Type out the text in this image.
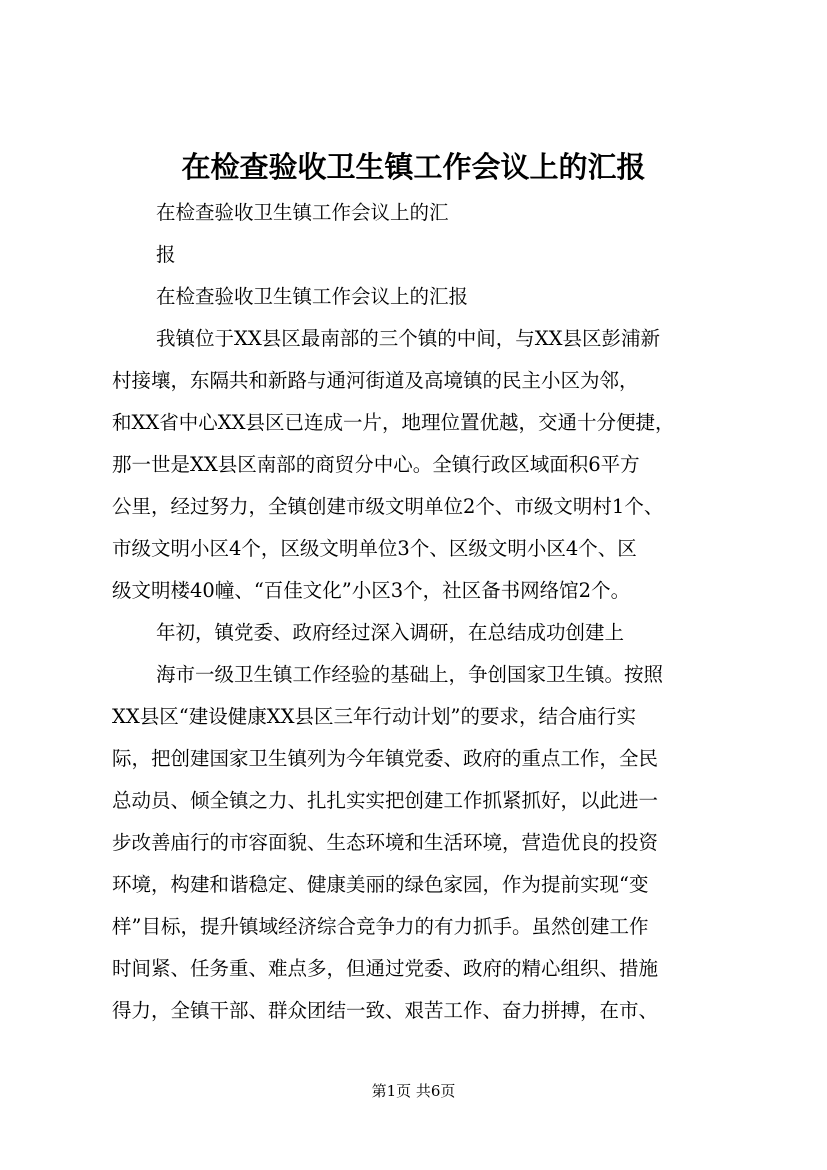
在检查验收卫生镇工作会议上的汇报
在检查验收卫生镇工作会议上的汇
报
在检查验收卫生镇工作会议上的汇报
我镇位于XX县区最南部的三个镇的中间，与XX县区彭浦新
村接壤，东隔共和新路与通河街道及高境镇的民主小区为邻，
和XX省中心XX县区已连成一片，地理位置优越，交通十分便捷，
那一世是XX县区南部的商贸分中心。全镇行政区域面积6平方
公里，经过努力，全镇创建市级文明单位2个、市级文明村1个、
市级文明小区4个，区级文明单位3个、区级文明小区4个、区
级文明楼40幢、“百佳文化”小区3个，社区备书网络馆2个。
年初，镇党委、政府经过深入调研，在总结成功创建上
海市一级卫生镇工作经验的基础上，争创国家卫生镇。按照
XX县区“建设健康XX县区三年行动计划”的要求，结合庙行实
际，把创建国家卫生镇列为今年镇党委、政府的重点工作，全民
总动员、倾全镇之力、扎扎实实把创建工作抓紧抓好，以此进一
步改善庙行的市容面貌、生态环境和生活环境，营造优良的投资
环境，构建和谐稳定、健康美丽的绿色家园，作为提前实现“变
样”目标，提升镇域经济综合竞争力的有力抓手。虽然创建工作
时间紧、任务重、难点多，但通过党委、政府的精心组织、措施
得力，全镇干部、群众团结一致、艰苦工作、奋力拼搏，在市、
第1页 共6页
